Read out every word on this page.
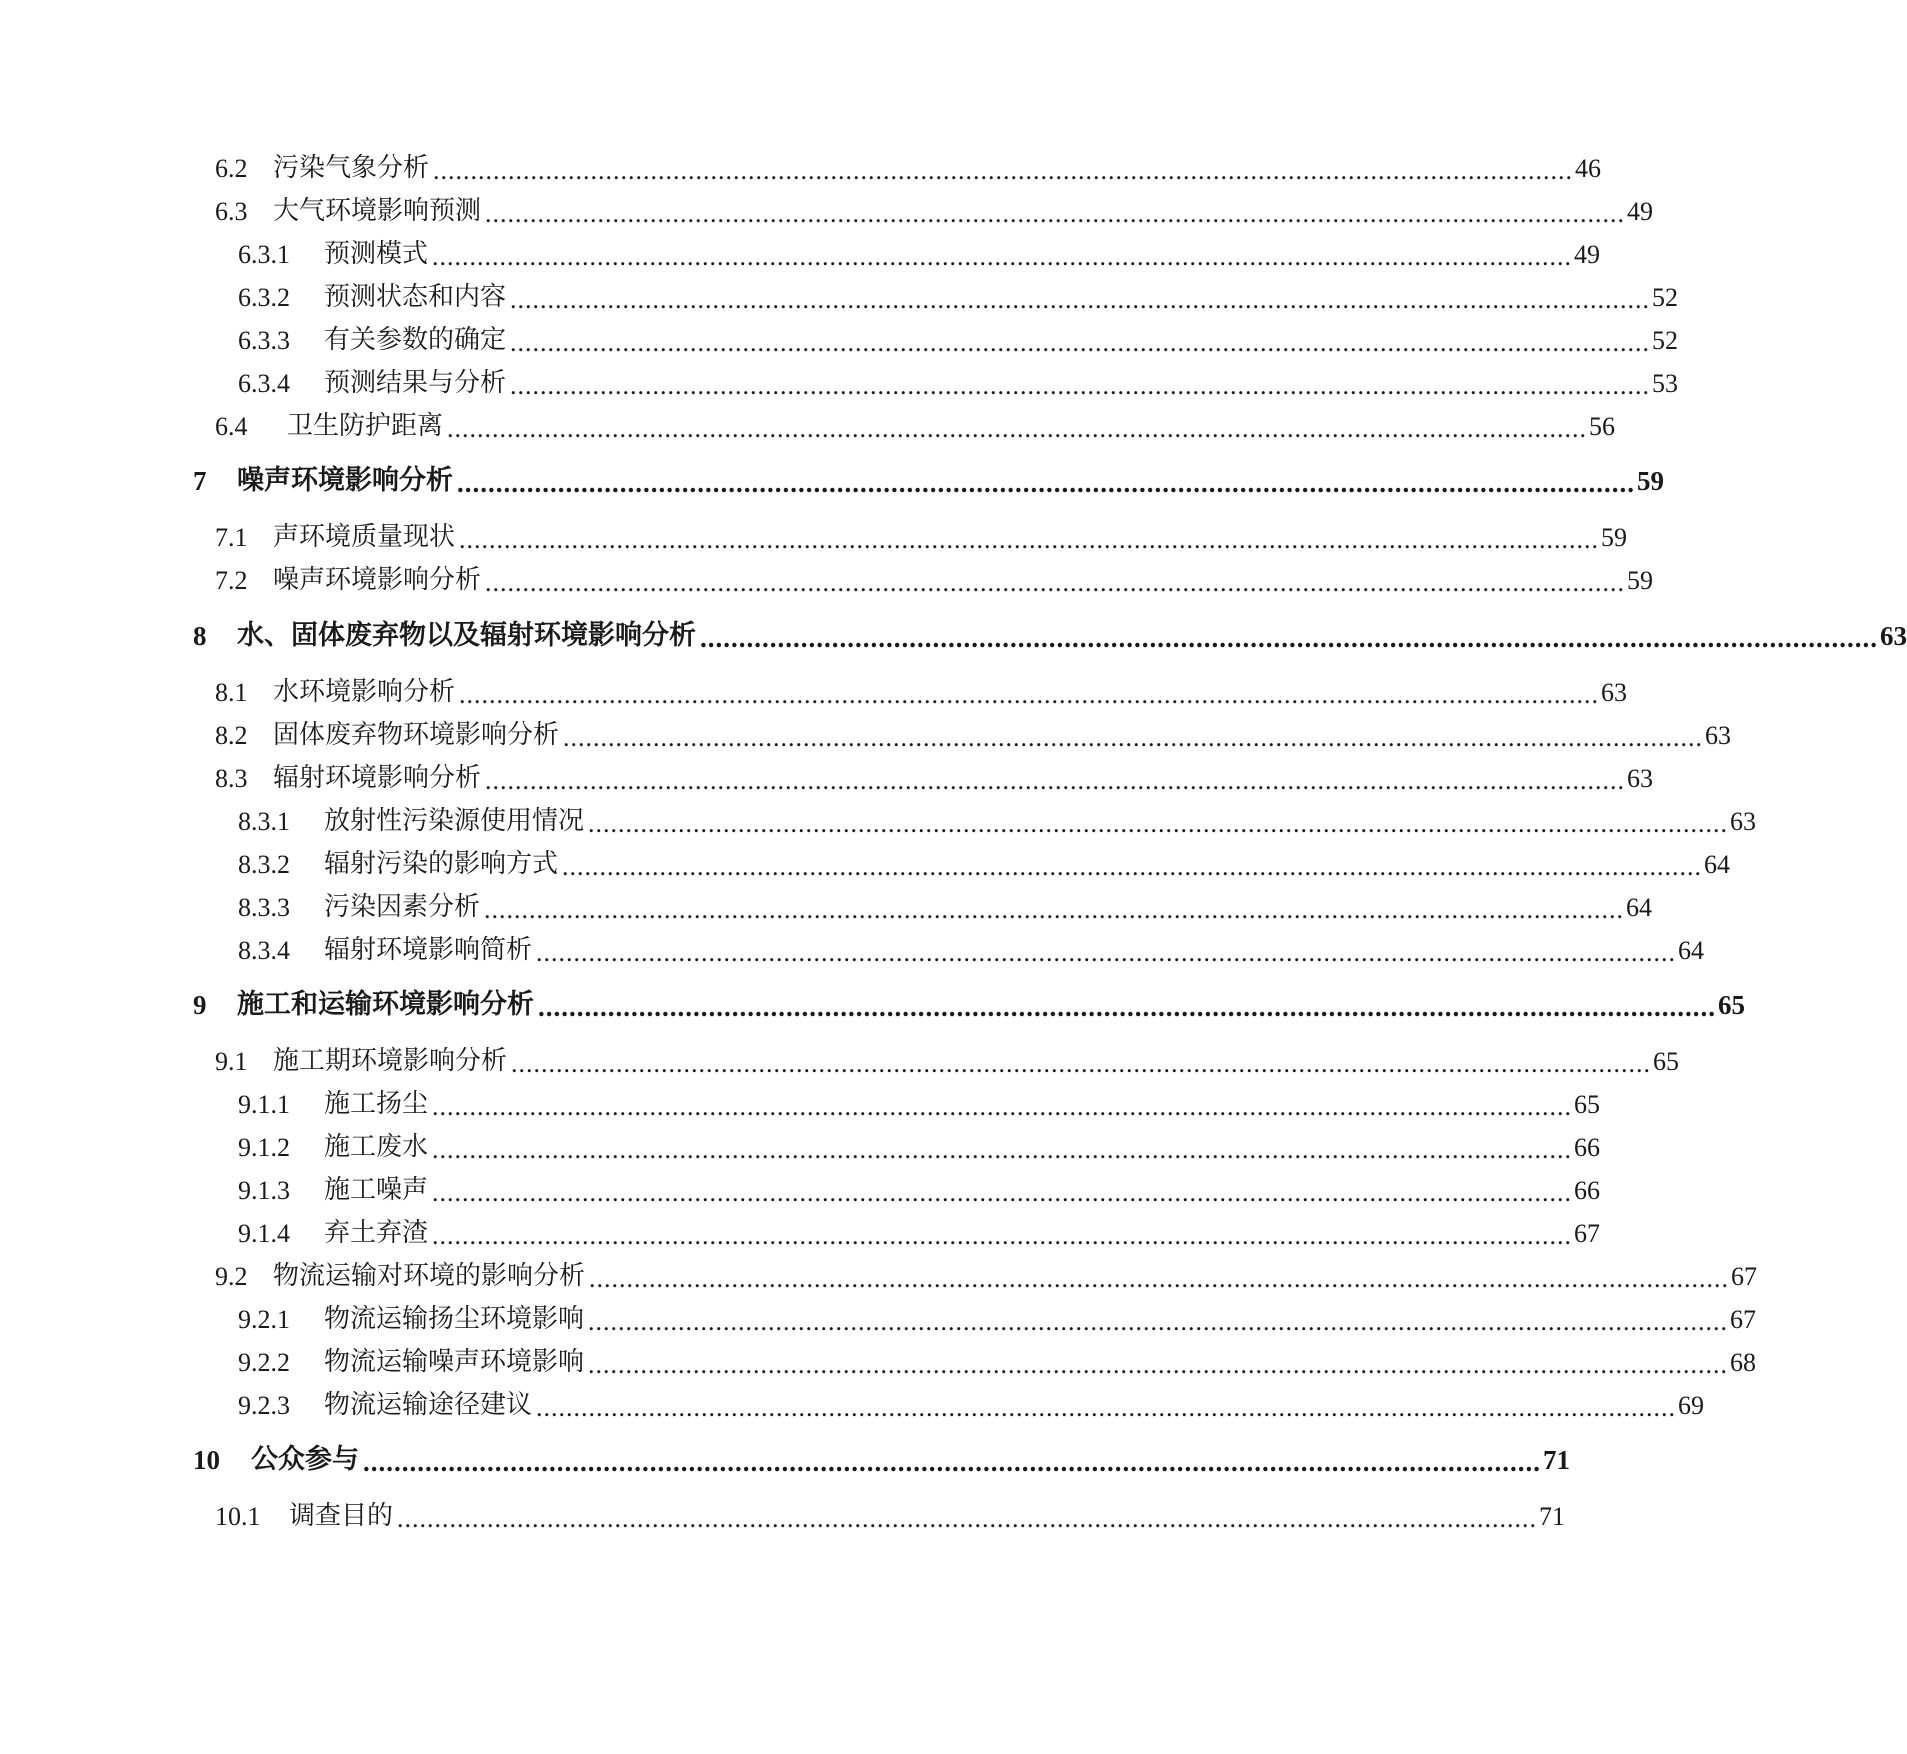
6.2 污染气象分析 ........................................................................................................................................................ 46
6.3 大气环境影响预测 ........................................................................................................................................................ 49
6.3.1	预测模式 ........................................................................................................................................................ 49
6.3.2	预测状态和内容 ........................................................................................................................................................ 52
6.3.3	有关参数的确定 ........................................................................................................................................................ 52
6.3.4	预测结果与分析 ........................................................................................................................................................ 53
6.4	卫生防护距离 ........................................................................................................................................................ 56
7	噪声环境影响分析 ........................................................................................................................................................ 59
7.1 声环境质量现状 ........................................................................................................................................................ 59
7.2 噪声环境影响分析 ........................................................................................................................................................ 59
8	水、固体废弃物以及辐射环境影响分析 ........................................................................................................................................................ 63
8.1 水环境影响分析 ........................................................................................................................................................ 63
8.2 固体废弃物环境影响分析 ........................................................................................................................................................ 63
8.3 辐射环境影响分析 ........................................................................................................................................................ 63
8.3.1	放射性污染源使用情况 ........................................................................................................................................................ 63
8.3.2	辐射污染的影响方式 ........................................................................................................................................................ 64
8.3.3	污染因素分析 ........................................................................................................................................................ 64
8.3.4	辐射环境影响简析 ........................................................................................................................................................ 64
9	施工和运输环境影响分析 ........................................................................................................................................................ 65
9.1 施工期环境影响分析 ........................................................................................................................................................ 65
9.1.1	施工扬尘 ........................................................................................................................................................ 65
9.1.2	施工废水 ........................................................................................................................................................ 66
9.1.3	施工噪声 ........................................................................................................................................................ 66
9.1.4	弃土弃渣 ........................................................................................................................................................ 67
9.2 物流运输对环境的影响分析 ........................................................................................................................................................ 67
9.2.1	物流运输扬尘环境影响 ........................................................................................................................................................ 67
9.2.2	物流运输噪声环境影响 ........................................................................................................................................................ 68
9.2.3	物流运输途径建议 ........................................................................................................................................................ 69
10	公众参与 ........................................................................................................................................................ 71
10.1	调查目的 ........................................................................................................................................................ 71
